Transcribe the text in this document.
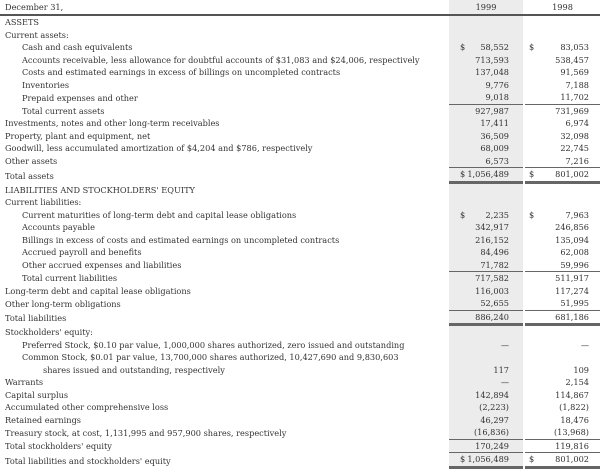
December 31,	1999		1998

ASSETS			
Current assets:			
Cash and cash equivalents	$ 58,552		$ 83,053

Accounts receivable, less allowance for doubtful accounts of $31,083 and $24,006, respectively	713,593		538,457

Costs and estimated earnings in excess of billings on uncompleted contracts	137,048		91,569

Inventories	9,776		7,188

Prepaid expenses and other	9,018		11,702

Total current assets	927,987		731,969

Investments, notes and other long-term receivables	17,411		6,974

Property, plant and equipment, net	36,509		32,098

Goodwill, less accumulated amortization of $4,204 and $786, respectively	68,009		22,745

Other assets	6,573		7,216

Total assets	$ 1,056,489		$ 801,002

LIABILITIES AND STOCKHOLDERS' EQUITY			
Current liabilities:			
Current maturities of long-term debt and capital lease obligations	$ 2,235		$ 7,963

Accounts payable	342,917		246,856

Billings in excess of costs and estimated earnings on uncompleted contracts	216,152		135,094

Accrued payroll and benefits	84,496		62,008

Other accrued expenses and liabilities	71,782		59,996

Total current liabilities	717,582		511,917

Long-term debt and capital lease obligations	116,003		117,274

Other long-term obligations	52,655		51,995

Total liabilities	886,240		681,186

Stockholders' equity:			
Preferred Stock, $0.10 par value, 1,000,000 shares authorized, zero issued and outstanding	—		—

Common Stock, $0.01 par value, 13,700,000 shares authorized, 10,427,690 and 9,830,603			
shares issued and outstanding, respectively	117		109

Warrants	—		2,154

Capital surplus	142,894		114,867

Accumulated other comprehensive loss	(2,223)		(1,822)

Retained earnings	46,297		18,476

Treasury stock, at cost, 1,131,995 and 957,900 shares, respectively	(16,836)		(13,968)

Total stockholders' equity	170,249		119,816

Total liabilities and stockholders' equity	$ 1,056,489		$ 801,002
